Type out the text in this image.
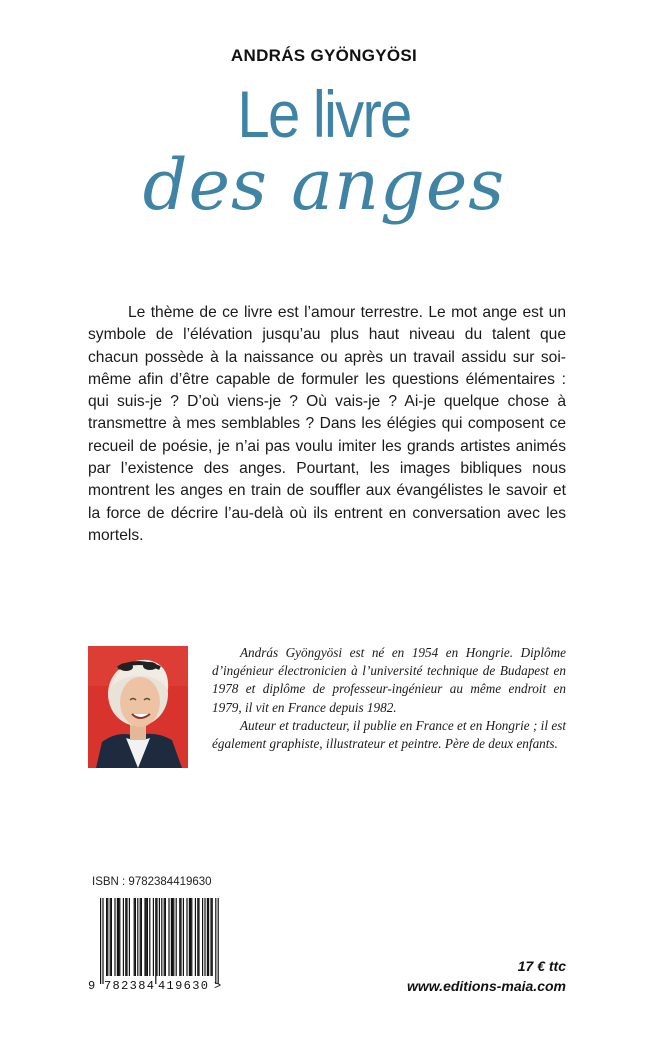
ANDRÁS GYÖNGYÖSI
Le livre
des anges

Le thème de ce livre est l’amour terrestre. Le mot ange est un symbole de l’élévation jusqu’au plus haut niveau du talent que chacun possède à la naissance ou après un travail assidu sur soi-même afin d’être capable de formuler les questions élémentaires : qui suis-je ? D’où viens-je ? Où vais-je ? Ai-je quelque chose à transmettre à mes semblables ? Dans les élégies qui composent ce recueil de poésie, je n’ai pas voulu imiter les grands artistes animés par l’existence des anges. Pourtant, les images bibliques nous montrent les anges en train de souffler aux évangélistes le savoir et la force de décrire l’au-delà où ils entrent en conversation avec les mortels.

András Gyöngyösi est né en 1954 en Hongrie. Diplôme d’ingénieur électronicien à l’université technique de Budapest en 1978 et diplôme de professeur-ingénieur au même endroit en 1979, il vit en France depuis 1982.

Auteur et traducteur, il publie en France et en Hongrie ; il est également graphiste, illustrateur et peintre. Père de deux enfants.

ISBN : 9782384419630
9 782384 419630 >
17 € ttc
www.editions-maia.com
